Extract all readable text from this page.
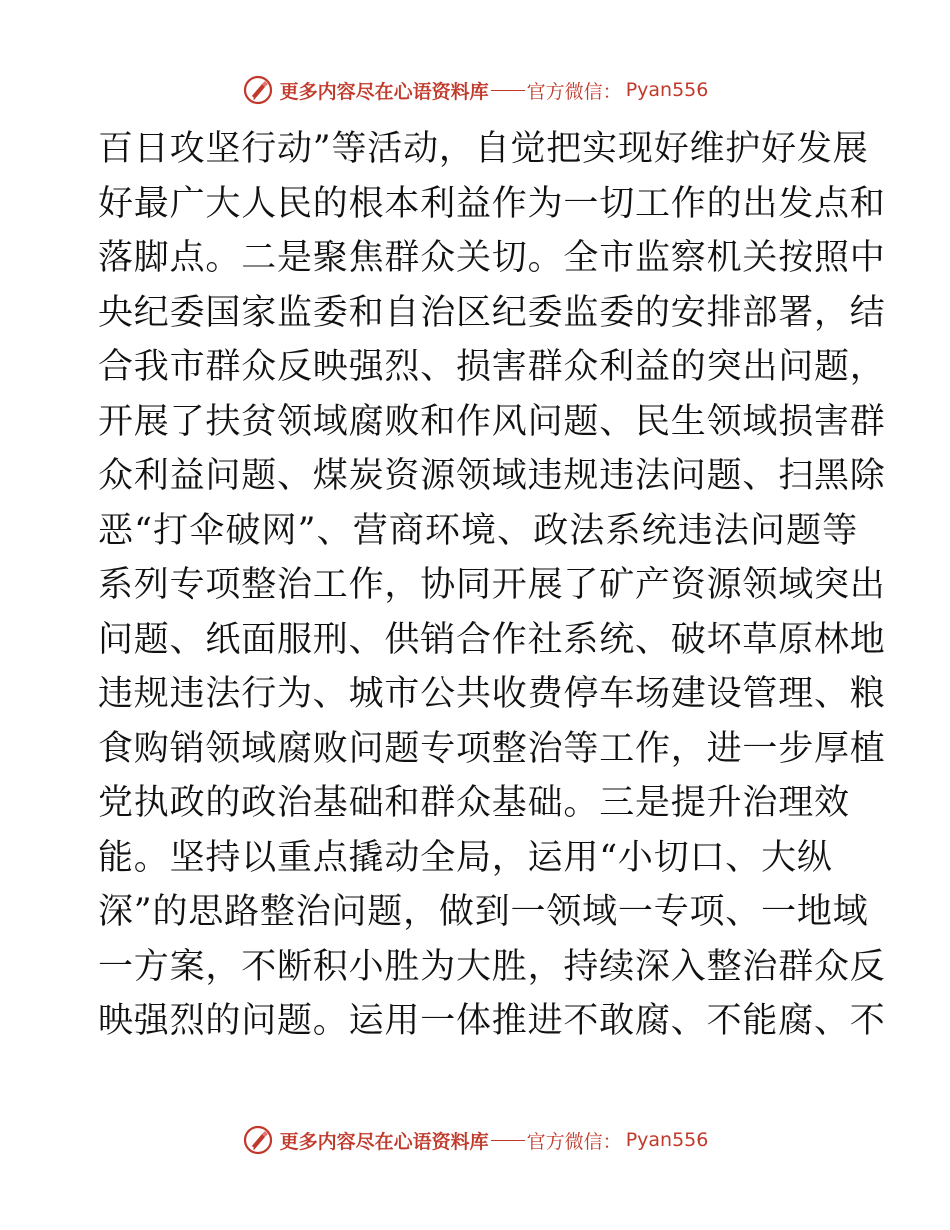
更多内容尽在心语资料库 官方微信： Pyan556
百日攻坚行动”等活动，自觉把实现好维护好发展
好最广大人民的根本利益作为一切工作的出发点和
落脚点。二是聚焦群众关切。全市监察机关按照中
央纪委国家监委和自治区纪委监委的安排部署，结
合我市群众反映强烈、损害群众利益的突出问题，
开展了扶贫领域腐败和作风问题、民生领域损害群
众利益问题、煤炭资源领域违规违法问题、扫黑除
恶“打伞破网”、营商环境、政法系统违法问题等
系列专项整治工作，协同开展了矿产资源领域突出
问题、纸面服刑、供销合作社系统、破坏草原林地
违规违法行为、城市公共收费停车场建设管理、粮
食购销领域腐败问题专项整治等工作，进一步厚植
党执政的政治基础和群众基础。三是提升治理效
能。坚持以重点撬动全局，运用“小切口、大纵
深”的思路整治问题，做到一领域一专项、一地域
一方案，不断积小胜为大胜，持续深入整治群众反
映强烈的问题。运用一体推进不敢腐、不能腐、不
更多内容尽在心语资料库 官方微信： Pyan556
